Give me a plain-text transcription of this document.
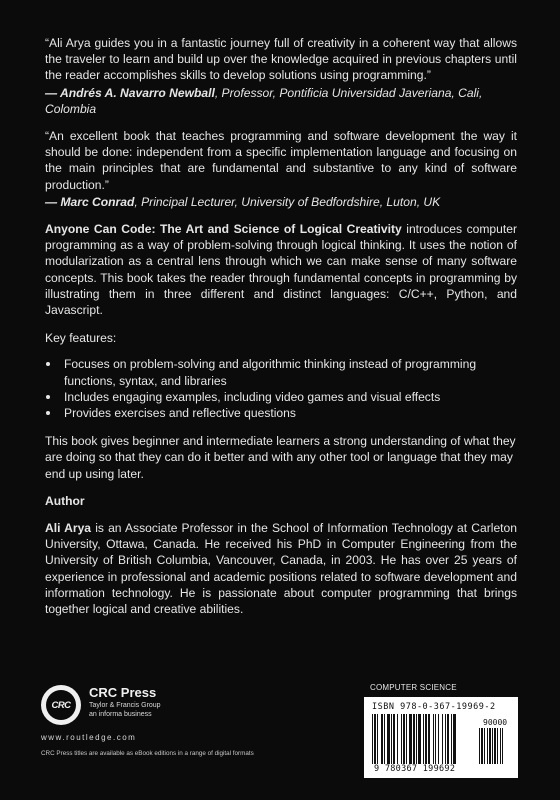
“Ali Arya guides you in a fantastic journey full of creativity in a coherent way that allows the traveler to learn and build up over the knowledge acquired in previous chapters until the reader accomplishes skills to develop solutions using programming.”

— Andrés A. Navarro Newball, Professor, Pontificia Universidad Javeriana, Cali, Colombia

“An excellent book that teaches programming and software development the way it should be done: independent from a specific implementation language and focusing on the main principles that are fundamental and substantive to any kind of software production.”

— Marc Conrad, Principal Lecturer, University of Bedfordshire, Luton, UK

Anyone Can Code: The Art and Science of Logical Creativity introduces computer programming as a way of problem-solving through logical thinking. It uses the notion of modularization as a central lens through which we can make sense of many software concepts. This book takes the reader through fundamental concepts in programming by illustrating them in three different and distinct languages: C/C++, Python, and Javascript.

Key features:

Focuses on problem-solving and algorithmic thinking instead of programming functions, syntax, and libraries
Includes engaging examples, including video games and visual effects
Provides exercises and reflective questions

This book gives beginner and intermediate learners a strong understanding of what they are doing so that they can do it better and with any other tool or language that they may end up using later.

Author

Ali Arya is an Associate Professor in the School of Information Technology at Carleton University, Ottawa, Canada. He received his PhD in Computer Engineering from the University of British Columbia, Vancouver, Canada, in 2003. He has over 25 years of experience in professional and academic positions related to software development and information technology. He is passionate about computer programming that brings together logical and creative abilities.

CRC
CRC Press
Taylor & Francis Group
an informa business
www.routledge.com
CRC Press titles are available as eBook editions in a range of digital formats
COMPUTER SCIENCE
ISBN 978-0-367-19969-2
90000
9 780367 199692
